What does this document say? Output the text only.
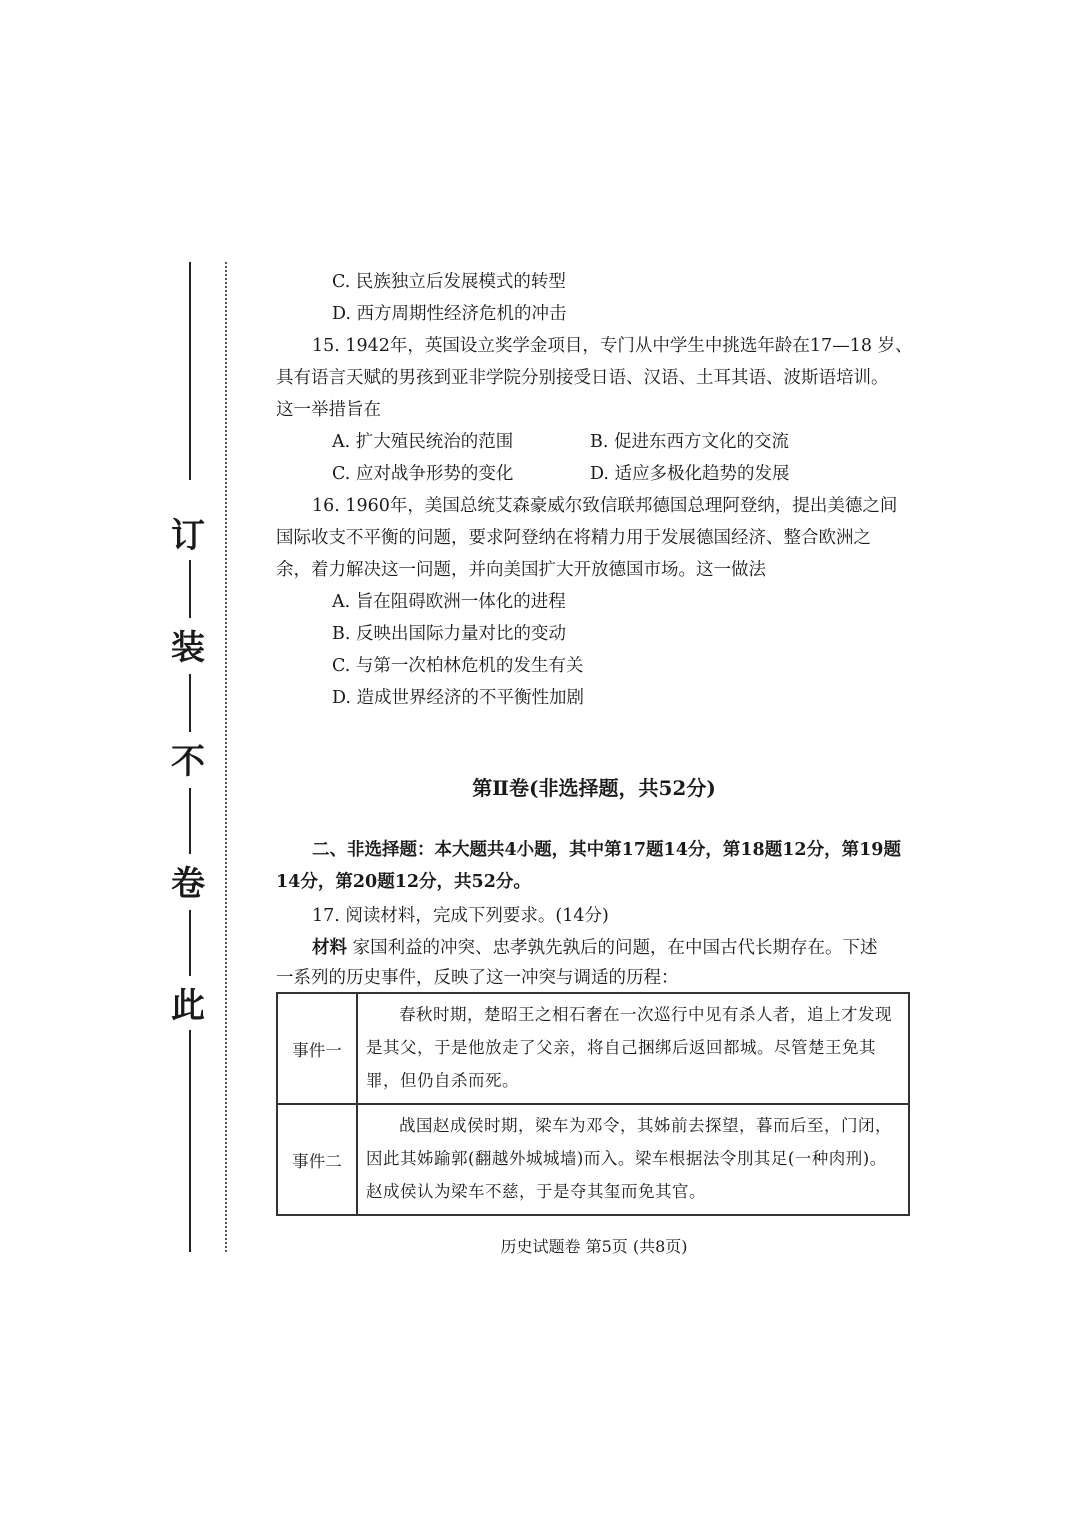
订
装
不
卷
此
C. 民族独立后发展模式的转型
D. 西方周期性经济危机的冲击
15. 1942年，英国设立奖学金项目，专门从中学生中挑选年龄在17—18 岁、
具有语言天赋的男孩到亚非学院分别接受日语、汉语、土耳其语、波斯语培训。
这一举措旨在
A. 扩大殖民统治的范围	B. 促进东西方文化的交流
C. 应对战争形势的变化	D. 适应多极化趋势的发展
16. 1960年，美国总统艾森豪威尔致信联邦德国总理阿登纳，提出美德之间
国际收支不平衡的问题，要求阿登纳在将精力用于发展德国经济、整合欧洲之
余，着力解决这一问题，并向美国扩大开放德国市场。这一做法
A. 旨在阻碍欧洲一体化的进程
B. 反映出国际力量对比的变动
C. 与第一次柏林危机的发生有关
D. 造成世界经济的不平衡性加剧
第Ⅱ卷(非选择题，共52分)
二、非选择题：本大题共4小题，其中第17题14分，第18题12分，第19题
14分，第20题12分，共52分。
17. 阅读材料，完成下列要求。(14分)
材料 家国利益的冲突、忠孝孰先孰后的问题，在中国古代长期存在。下述
一系列的历史事件，反映了这一冲突与调适的历程：
事件一	春秋时期，楚昭王之相石奢在一次巡行中见有杀人者，追上才发现是其父，于是他放走了父亲，将自己捆绑后返回都城。尽管楚王免其罪，但仍自杀而死。
事件二	战国赵成侯时期，梁车为邓令，其姊前去探望，暮而后至，门闭，因此其姊踰郭(翻越外城城墙)而入。梁车根据法令刖其足(一种肉刑)。赵成侯认为梁车不慈，于是夺其玺而免其官。
历史试题卷 第5页 (共8页)
